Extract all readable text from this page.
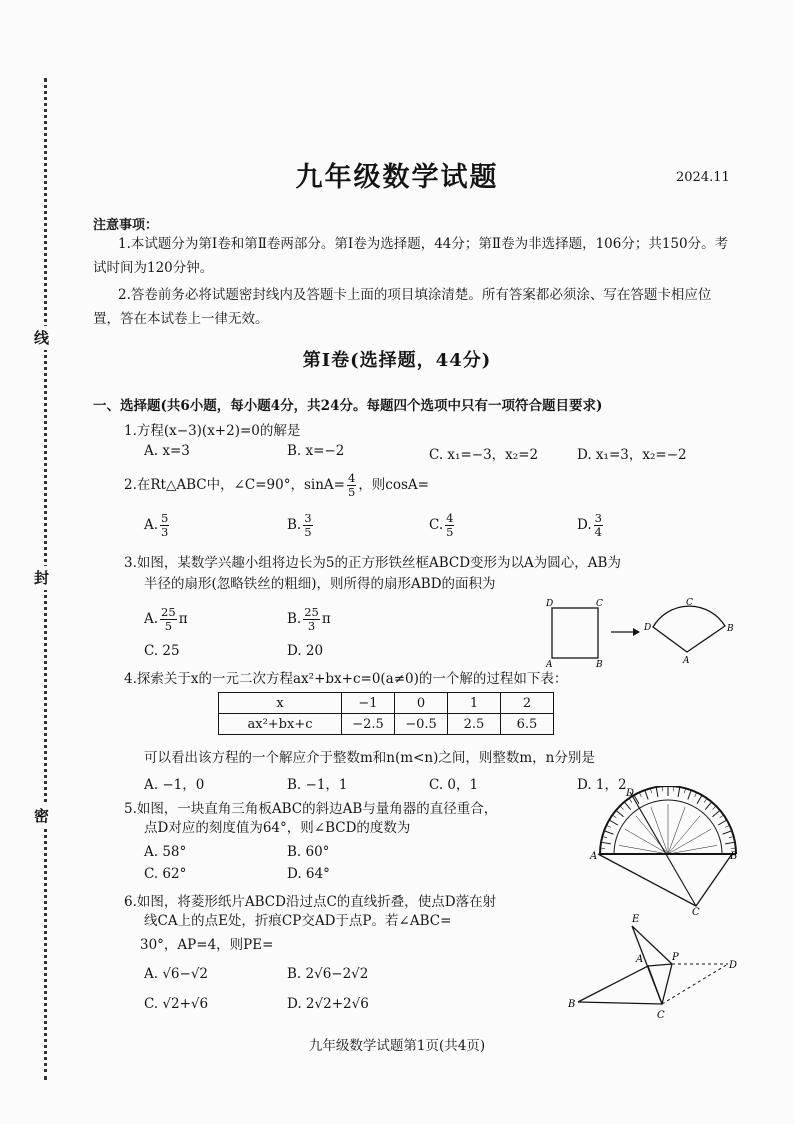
线
封
密
九年级数学试题	2024.11
注意事项：
1.本试题分为第Ⅰ卷和第Ⅱ卷两部分。第Ⅰ卷为选择题，44分；第Ⅱ卷为非选择题，106分；共150分。考试时间为120分钟。
2.答卷前务必将试题密封线内及答题卡上面的项目填涂清楚。所有答案都必须涂、写在答题卡相应位置，答在本试卷上一律无效。
第Ⅰ卷(选择题，44分)
一、选择题(共6小题，每小题4分，共24分。每题四个选项中只有一项符合题目要求)
1.方程(x−3)(x+2)=0的解是
A. x=3	B. x=−2	C. x₁=−3，x₂=2	D. x₁=3，x₂=−2
2.在Rt△ABC中，∠C=90°，$\sin A= \frac{4}{5}$ ，则cosA=
A. $\frac{5}{3}$	B. $\frac{3}{5}$	C. $\frac{4}{5}$	D. $\frac{3}{4}$
3.如图，某数学兴趣小组将边长为5的正方形铁丝框ABCD变形为以A为圆心，AB为
半径的扇形(忽略铁丝的粗细)，则所得的扇形ABD的面积为
A. $\frac{25}{5}$ π	B. $\frac{25}{3}$ π
C. 25	D. 20
D	C
A	B
D
C
B
A
4.探索关于x的一元二次方程ax²+bx+c=0(a≠0)的一个解的过程如下表：
x	−1	0	1	2
ax²+bx+c	−2.5	−0.5	2.5	6.5
可以看出该方程的一个解应介于整数m和n(m<n)之间，则整数m，n分别是
A. −1，0	B. −1，1	C. 0，1	D. 1，2
5.如图，一块直角三角板ABC的斜边AB与量角器的直径重合，
点D对应的刻度值为64°，则∠BCD的度数为
A. 58°	B. 60°
C. 62°	D. 64°
A	B
C
D
6.如图，将菱形纸片ABCD沿过点C的直线折叠，使点D落在射
线CA上的点E处，折痕CP交AD于点P。若∠ABC=
30°，AP=4，则PE=
A. √6−√2	B. 2√6−2√2
C. √2+√6	D. 2√2+2√6
E
A	P
D
B
C
九年级数学试题第1页(共4页)
